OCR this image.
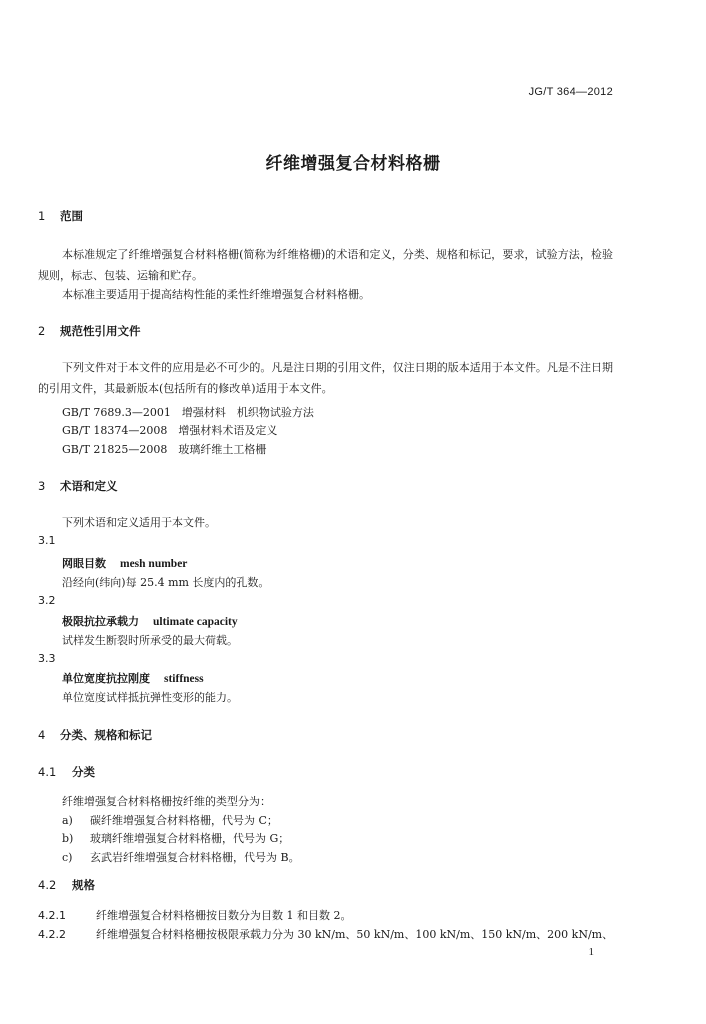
JG/T 364—2012
纤维增强复合材料格栅
1 范围
本标准规定了纤维增强复合材料格栅(简称为纤维格栅)的术语和定义，分类、规格和标记，要求，试验方法，检验规则，标志、包装、运输和贮存。
本标准主要适用于提高结构性能的柔性纤维增强复合材料格栅。
2 规范性引用文件
下列文件对于本文件的应用是必不可少的。凡是注日期的引用文件，仅注日期的版本适用于本文件。凡是不注日期的引用文件，其最新版本(包括所有的修改单)适用于本文件。
GB/T 7689.3—2001　增强材料　机织物试验方法
GB/T 18374—2008　增强材料术语及定义
GB/T 21825—2008　玻璃纤维土工格栅
3 术语和定义
下列术语和定义适用于本文件。
3.1
网眼目数 mesh number
沿经向(纬向)每 25.4 mm 长度内的孔数。
3.2
极限抗拉承载力 ultimate capacity
试样发生断裂时所承受的最大荷载。
3.3
单位宽度抗拉刚度 stiffness
单位宽度试样抵抗弹性变形的能力。
4 分类、规格和标记
4.1 分类
纤维增强复合材料格栅按纤维的类型分为：
a) 碳纤维增强复合材料格栅，代号为 C；
b) 玻璃纤维增强复合材料格栅，代号为 G；
c) 玄武岩纤维增强复合材料格栅，代号为 B。
4.2 规格
4.2.1	纤维增强复合材料格栅按目数分为目数 1 和目数 2。
4.2.2	纤维增强复合材料格栅按极限承载力分为 30 kN/m、50 kN/m、100 kN/m、150 kN/m、200 kN/m、
1
